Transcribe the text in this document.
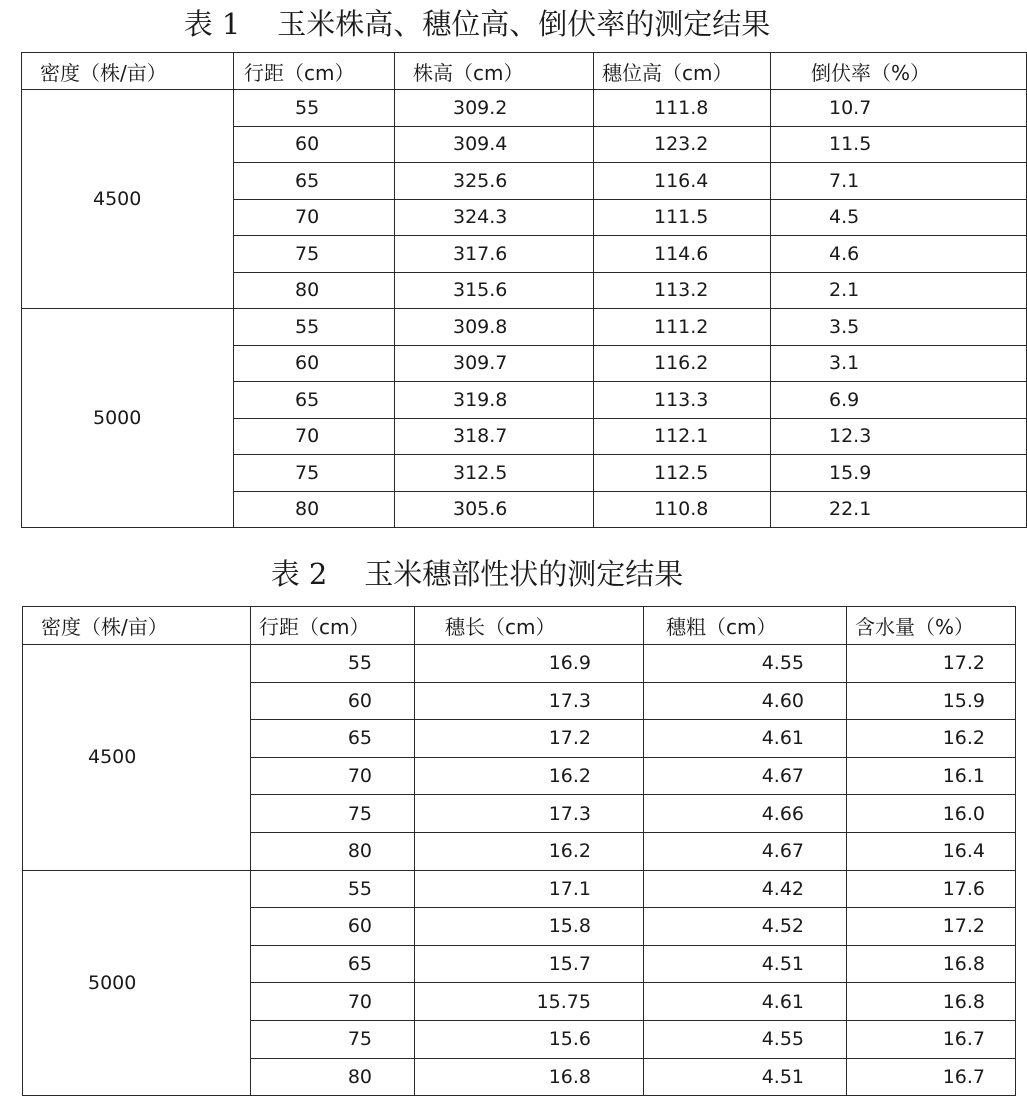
表 1    玉米株高、穗位高、倒伏率的测定结果
密度（株/亩）	行距（cm）	株高（cm）	穗位高（cm）	倒伏率（%）
4500	55	309.2	111.8	10.7
	60	309.4	123.2	11.5
	65	325.6	116.4	7.1
	70	324.3	111.5	4.5
	75	317.6	114.6	4.6
	80	315.6	113.2	2.1
5000	55	309.8	111.2	3.5
	60	309.7	116.2	3.1
	65	319.8	113.3	6.9
	70	318.7	112.1	12.3
	75	312.5	112.5	15.9
	80	305.6	110.8	22.1
表 2    玉米穗部性状的测定结果
密度（株/亩）	行距（cm）	穗长（cm）	穗粗（cm）	含水量（%）
4500	55	16.9	4.55	17.2
	60	17.3	4.60	15.9
	65	17.2	4.61	16.2
	70	16.2	4.67	16.1
	75	17.3	4.66	16.0
	80	16.2	4.67	16.4
5000	55	17.1	4.42	17.6
	60	15.8	4.52	17.2
	65	15.7	4.51	16.8
	70	15.75	4.61	16.8
	75	15.6	4.55	16.7
	80	16.8	4.51	16.7
